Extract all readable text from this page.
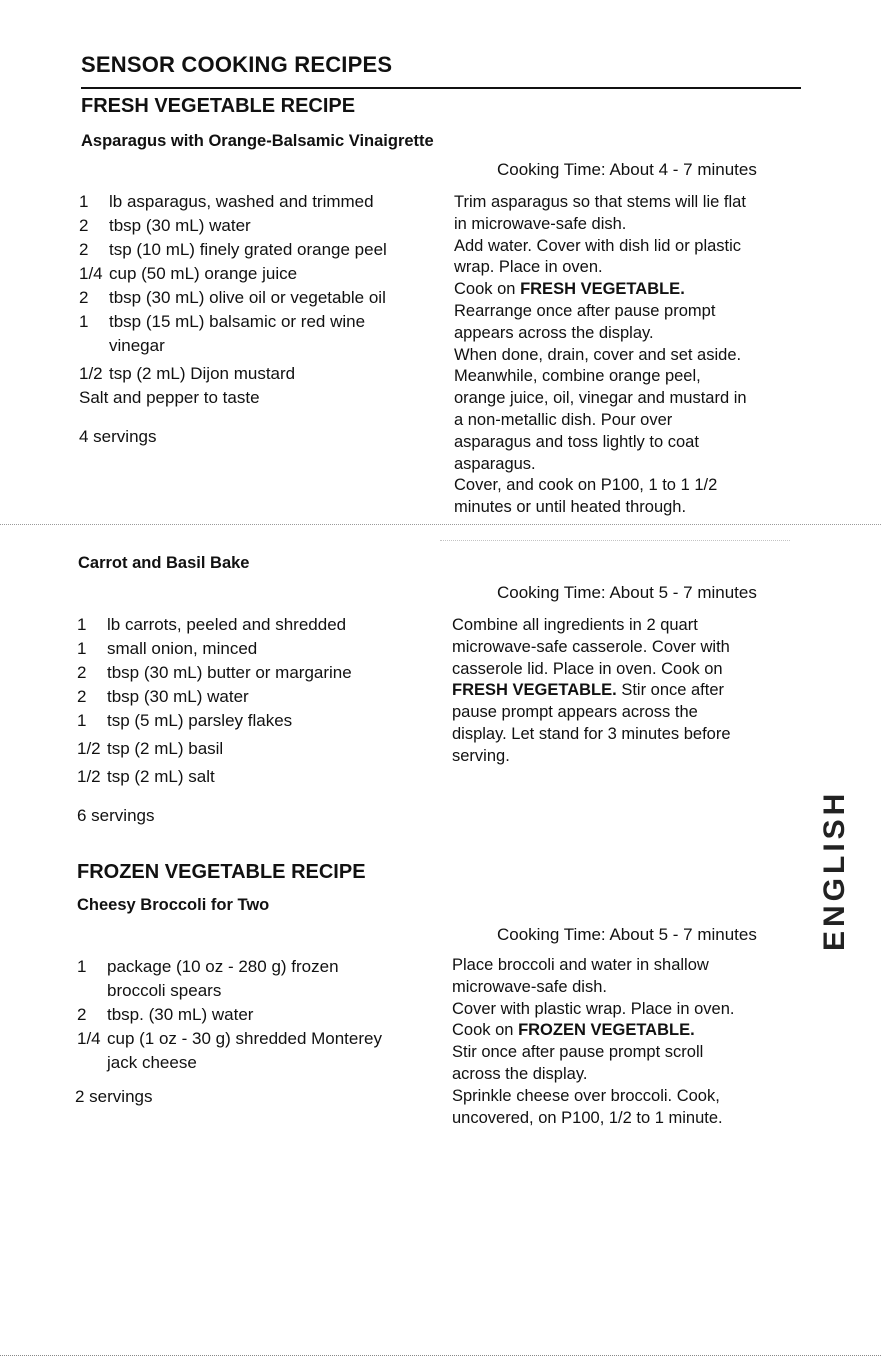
SENSOR COOKING RECIPES
FRESH VEGETABLE RECIPE
Asparagus with Orange-Balsamic Vinaigrette
Cooking Time: About 4 - 7 minutes
1 lb asparagus, washed and trimmed
2 tbsp (30 mL) water
2 tsp (10 mL) finely grated orange peel
1/4 cup (50 mL) orange juice
2 tbsp (30 mL) olive oil or vegetable oil
1 tbsp (15 mL) balsamic or red wine vinegar
1/2 tsp (2 mL) Dijon mustard
Salt and pepper to taste
4 servings
Trim asparagus so that stems will lie flat
in microwave-safe dish.
Add water. Cover with dish lid or plastic
wrap. Place in oven.
Cook on FRESH VEGETABLE.
Rearrange once after pause prompt
appears across the display.
When done, drain, cover and set aside.
Meanwhile, combine orange peel,
orange juice, oil, vinegar and mustard in
a non-metallic dish. Pour over
asparagus and toss lightly to coat
asparagus.
Cover, and cook on P100, 1 to 1 1/2
minutes or until heated through.
Carrot and Basil Bake
Cooking Time: About 5 - 7 minutes
1 lb carrots, peeled and shredded
1 small onion, minced
2 tbsp (30 mL) butter or margarine
2 tbsp (30 mL) water
1 tsp (5 mL) parsley flakes
1/2 tsp (2 mL) basil
1/2 tsp (2 mL) salt
6 servings
Combine all ingredients in 2 quart
microwave-safe casserole. Cover with
casserole lid. Place in oven. Cook on
FRESH VEGETABLE. Stir once after
pause prompt appears across the
display. Let stand for 3 minutes before
serving.
FROZEN VEGETABLE RECIPE
Cheesy Broccoli for Two
Cooking Time: About 5 - 7 minutes
1 package (10 oz - 280 g) frozen broccoli spears
2 tbsp. (30 mL) water
1/4 cup (1 oz - 30 g) shredded Monterey jack cheese
2 servings
Place broccoli and water in shallow
microwave-safe dish.
Cover with plastic wrap. Place in oven.
Cook on FROZEN VEGETABLE.
Stir once after pause prompt scroll
across the display.
Sprinkle cheese over broccoli. Cook,
uncovered, on P100, 1/2 to 1 minute.
ENGLISH
